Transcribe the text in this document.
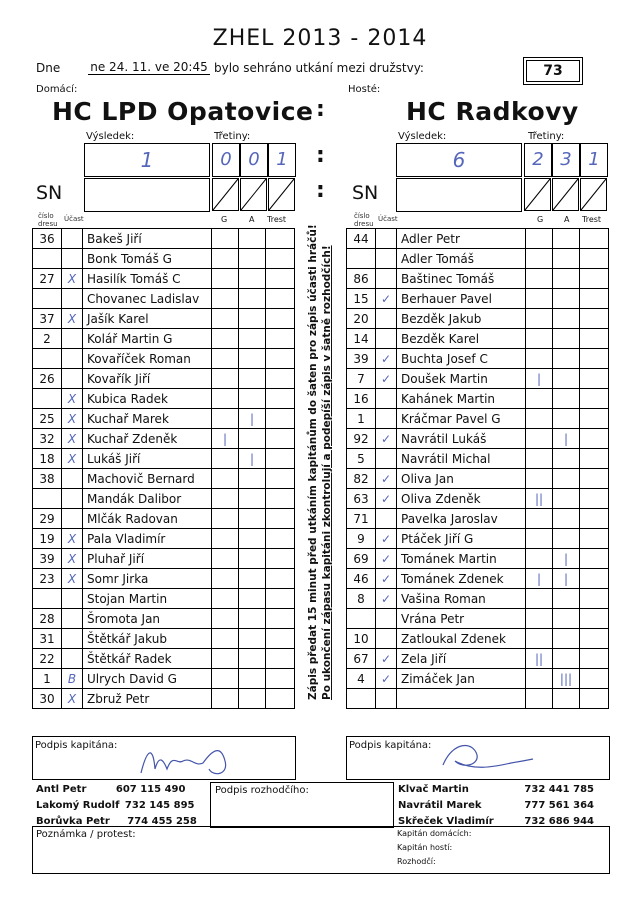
ZHEL 2013 - 2014
73
Dne	ne 24. 11. ve 20:45 bylo sehráno utkání mezi družstvy:
Domácí:	Hosté:
HC LPD Opatovice :	HC Radkovy
Výsledek:	Třetiny:	Výsledek:	Třetiny:
1	0 0 1	:	6	2 3 1
SN	: SN
číslo dresu
Účast	G	A Trest	číslo dresu
Účast	G	A Trest
36		Bakeš Jiří			
		Bonk Tomáš G			
27	X	Hasilík Tomáš C			
		Chovanec Ladislav			
37	X	Jašík Karel			
2		Kolář Martin G			
		Kovaříček Roman			
26		Kovařík Jiří			
	X	Kubica Radek			
25	X	Kuchař Marek		|	
32	X	Kuchař Zdeněk	|		
18	X	Lukáš Jiří		|	
38		Machovič Bernard			
		Mandák Dalibor			
29		Mlčák Radovan			
19	X	Pala Vladimír			
39	X	Pluhař Jiří			
23	X	Somr Jirka			
		Stojan Martin			
28		Šromota Jan			
31		Štětkář Jakub			
22		Štětkář Radek			
1	B	Ulrych David G			
30	X	Zbruž Petr			
44		Adler Petr			
		Adler Tomáš			
86		Baštinec Tomáš			
15	✓	Berhauer Pavel			
20		Bezděk Jakub			
14		Bezděk Karel			
39	✓	Buchta Josef C			
7	✓	Doušek Martin	|		
16		Kahánek Martin			
1		Kráčmar Pavel G			
92	✓	Navrátil Lukáš		|	
5		Navrátil Michal			
82	✓	Oliva Jan			
63	✓	Oliva Zdeněk	||		
71		Pavelka Jaroslav			
9	✓	Ptáček Jiří G			
69	✓	Tománek Martin		|	
46	✓	Tománek Zdenek	|	|	
8	✓	Vašina Roman			
		Vrána Petr			
10		Zatloukal Zdenek			
67	✓	Zela Jiří	||		
4	✓	Zimáček Jan		|||	

Zápis předat 15 minut před utkáním kapitánům do šaten pro zápis účasti hráčů! Po ukončení zápasu kapitáni zkontrolují a podepíší zápis v šatně rozhodčích!
Podpis kapitána:	Podpis kapitána:
Antl Petr	607 115 490
Lakomý Rudolf 732 145 895
Borůvka Petr 774 455 258
Podpis rozhodčího:	Klvač Martin	732 441 785
Navrátil Marek	777 561 364
Skřeček Vladimír	732 686 944
Poznámka / protest:	Kapitán domácích:
Kapitán hostí:
Rozhodčí:
